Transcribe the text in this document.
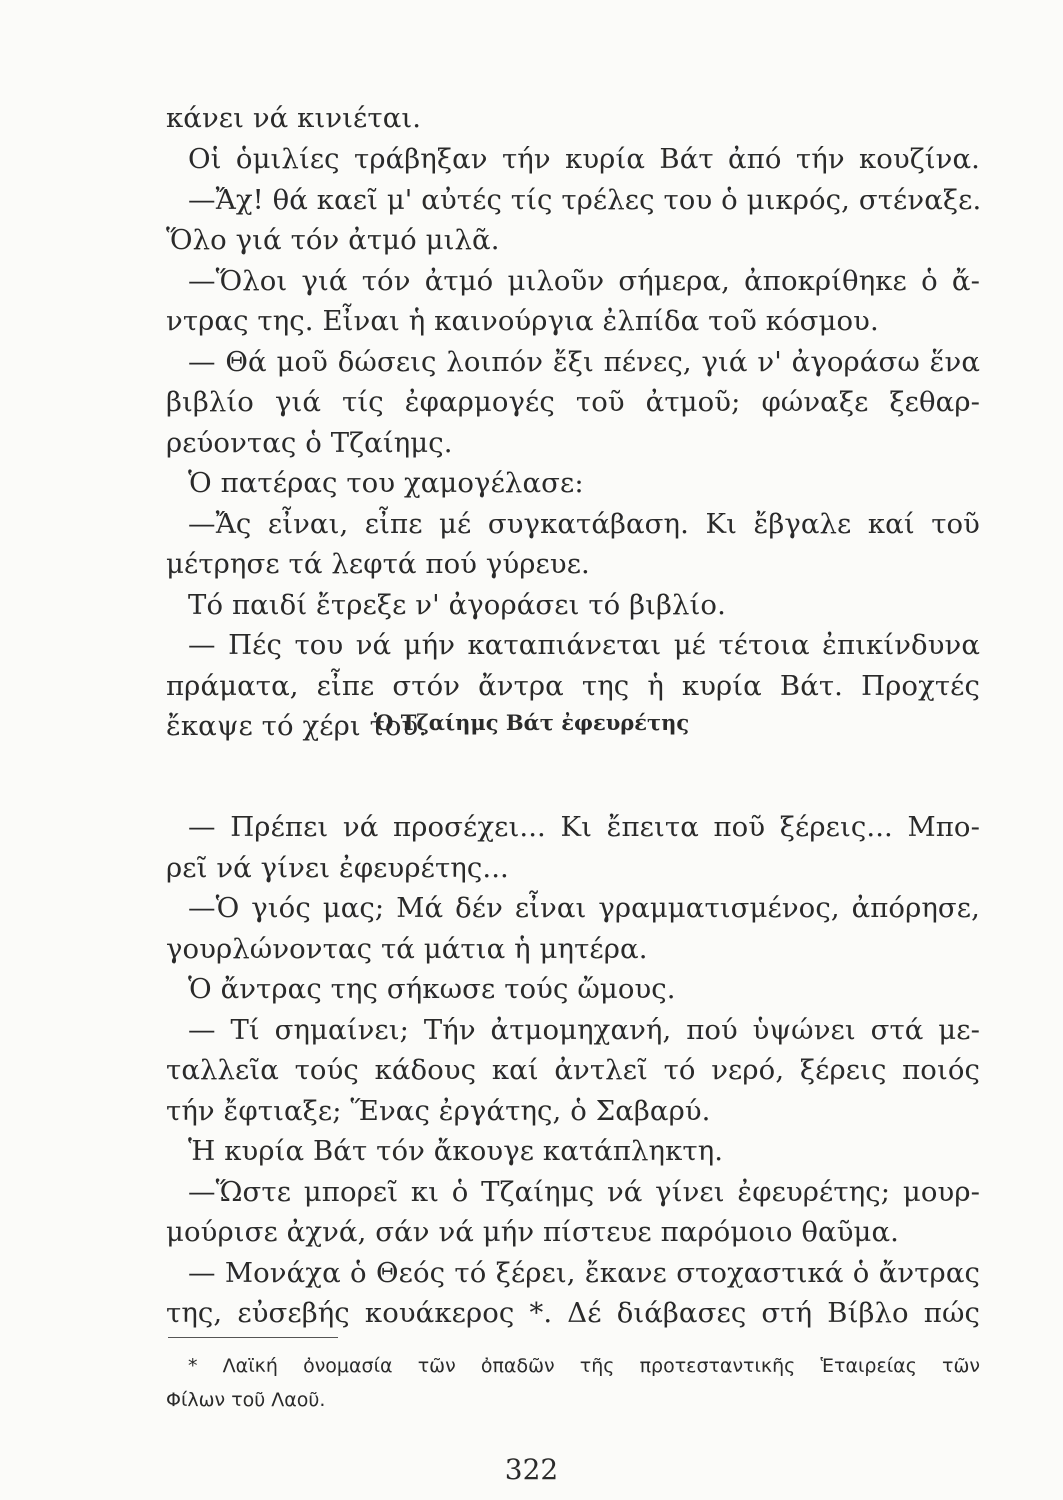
κάνει νά κινιέται.
Οἱ ὁμιλίες τράβηξαν τήν κυρία Βάτ ἀπό τήν κουζίνα.
—Ἄχ! θά καεῖ μ' αὐτές τίς τρέλες του ὁ μικρός, στέναξε.
Ὅλο γιά τόν ἀτμό μιλᾶ.
—Ὅλοι γιά τόν ἀτμό μιλοῦν σήμερα, ἀποκρίθηκε ὁ ἄ-
ντρας της. Εἶναι ἡ καινούργια ἐλπίδα τοῦ κόσμου.
— Θά μοῦ δώσεις λοιπόν ἔξι πένες, γιά ν' ἀγοράσω ἕνα
βιβλίο γιά τίς ἐφαρμογές τοῦ ἀτμοῦ; φώναξε ξεθαρ-
ρεύοντας ὁ Τζαίημς.
Ὁ πατέρας του χαμογέλασε:
—Ἄς εἶναι, εἶπε μέ συγκατάβαση. Κι ἔβγαλε καί τοῦ
μέτρησε τά λεφτά πού γύρευε.
Τό παιδί ἔτρεξε ν' ἀγοράσει τό βιβλίο.
— Πές του νά μήν καταπιάνεται μέ τέτοια ἐπικίνδυνα
πράματα, εἶπε στόν ἄντρα της ἡ κυρία Βάτ. Προχτές
ἔκαψε τό χέρι του.
Ὁ Τζαίημς Βάτ ἐφευρέτης
— Πρέπει νά προσέχει... Κι ἔπειτα ποῦ ξέρεις... Μπο-
ρεῖ νά γίνει ἐφευρέτης...
—Ὁ γιός μας; Μά δέν εἶναι γραμματισμένος, ἀπόρησε,
γουρλώνοντας τά μάτια ἡ μητέρα.
Ὁ ἄντρας της σήκωσε τούς ὤμους.
— Τί σημαίνει; Τήν ἀτμομηχανή, πού ὑψώνει στά με-
ταλλεῖα τούς κάδους καί ἀντλεῖ τό νερό, ξέρεις ποιός
τήν ἔφτιαξε; Ἕνας ἐργάτης, ὁ Σαβαρύ.
Ἡ κυρία Βάτ τόν ἄκουγε κατάπληκτη.
—Ὥστε μπορεῖ κι ὁ Τζαίημς νά γίνει ἐφευρέτης; μουρ-
μούρισε ἀχνά, σάν νά μήν πίστευε παρόμοιο θαῦμα.
— Μονάχα ὁ Θεός τό ξέρει, ἔκανε στοχαστικά ὁ ἄντρας
της, εὐσεβής κουάκερος *. Δέ διάβασες στή Βίβλο πώς
* Λαϊκή ὀνομασία τῶν ὀπαδῶν τῆς προτεσταντικῆς Ἑταιρείας τῶν
Φίλων τοῦ Λαοῦ.
322
